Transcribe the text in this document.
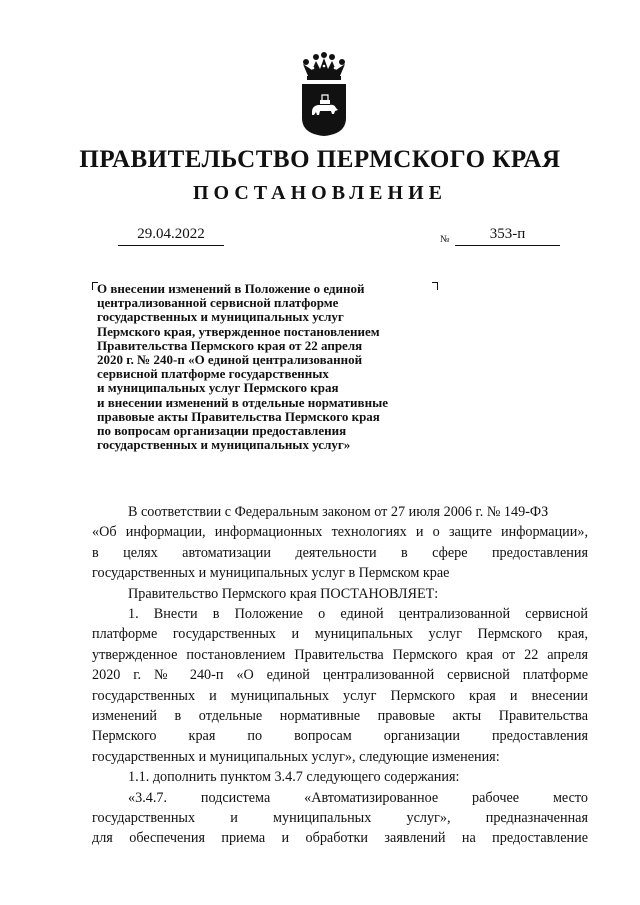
ПРАВИТЕЛЬСТВО ПЕРМСКОГО КРАЯ
ПОСТАНОВЛЕНИЕ
29.04.2022	№	353-п
О внесении изменений в Положение о единой
централизованной сервисной платформе
государственных и муниципальных услуг
Пермского края, утвержденное постановлением
Правительства Пермского края от 22 апреля
2020 г. № 240-п «О единой централизованной
сервисной платформе государственных
и муниципальных услуг Пермского края
и внесении изменений в отдельные нормативные
правовые акты Правительства Пермского края
по вопросам организации предоставления
государственных и муниципальных услуг»
В соответствии с Федеральным законом от 27 июля 2006 г. № 149-ФЗ
«Об информации, информационных технологиях и о защите информации»,
в целях автоматизации деятельности в сфере предоставления
государственных и муниципальных услуг в Пермском крае
Правительство Пермского края ПОСТАНОВЛЯЕТ:
1. Внести в Положение о единой централизованной сервисной
платформе государственных и муниципальных услуг Пермского края,
утвержденное постановлением Правительства Пермского края от 22 апреля
2020 г. № 240-п «О единой централизованной сервисной платформе
государственных и муниципальных услуг Пермского края и внесении
изменений в отдельные нормативные правовые акты Правительства
Пермского края по вопросам организации предоставления
государственных и муниципальных услуг», следующие изменения:
1.1. дополнить пунктом 3.4.7 следующего содержания:
«3.4.7. подсистема «Автоматизированное рабочее место
государственных и муниципальных услуг», предназначенная
для обеспечения приема и обработки заявлений на предоставление
